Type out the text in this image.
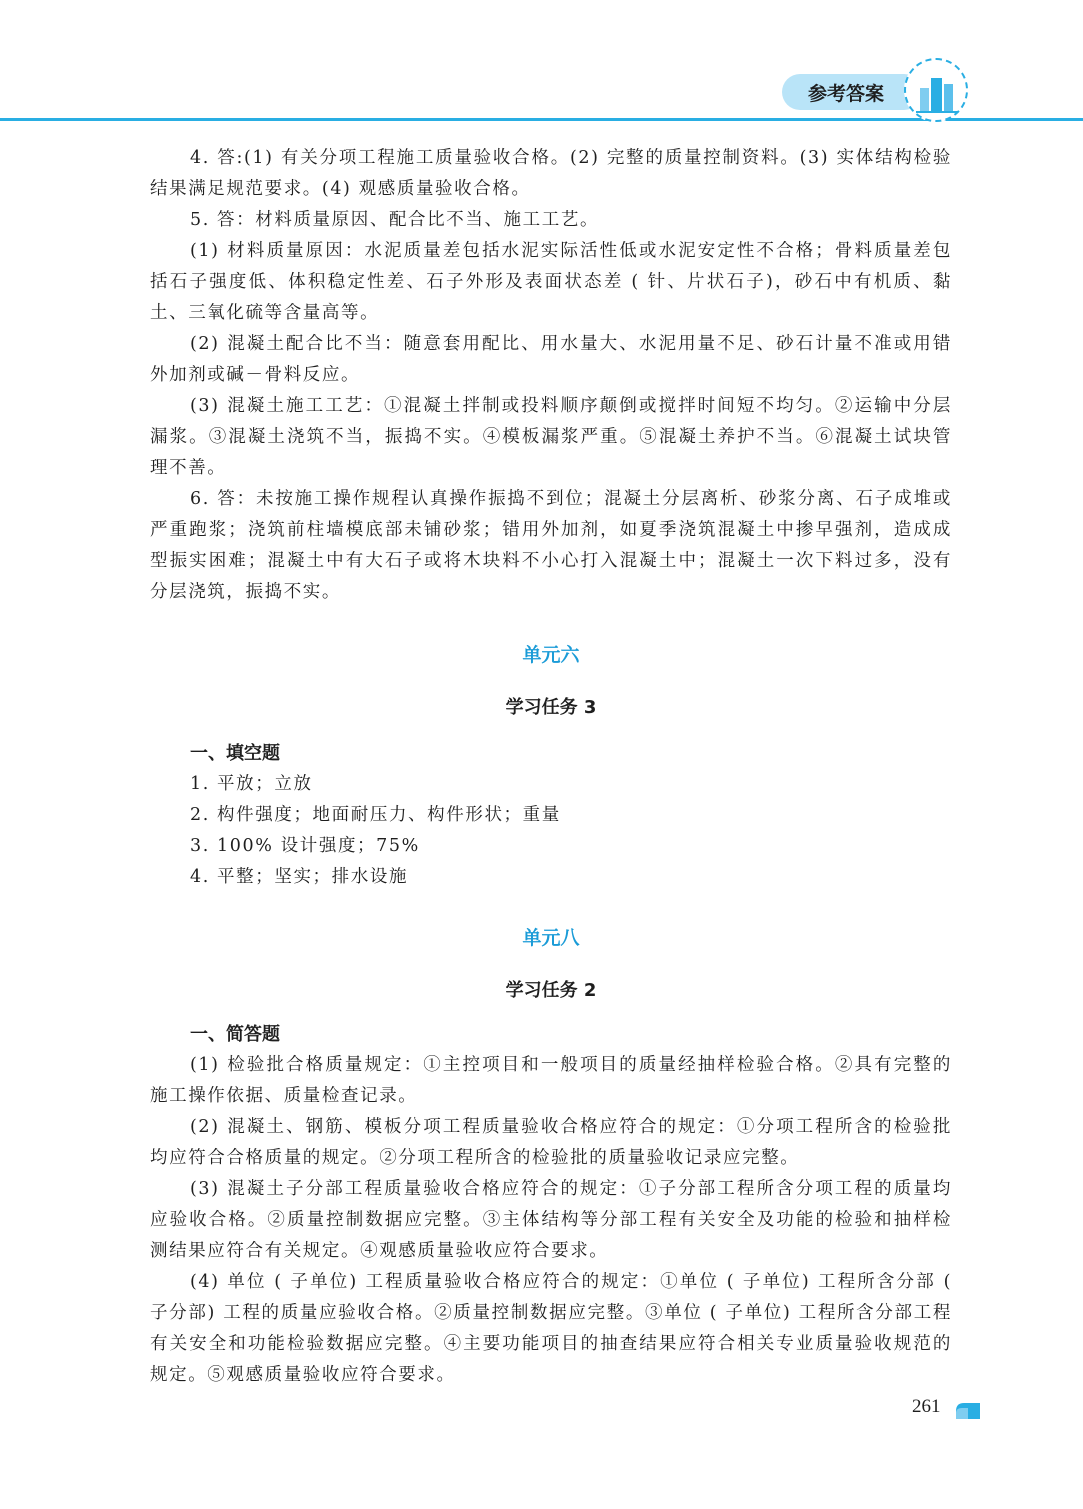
参考答案

4. 答:(1) 有关分项工程施工质量验收合格。(2) 完整的质量控制资料。(3) 实体结构检验结果满足规范要求。(4) 观感质量验收合格。

5. 答：材料质量原因、配合比不当、施工工艺。

(1) 材料质量原因：水泥质量差包括水泥实际活性低或水泥安定性不合格；骨料质量差包括石子强度低、体积稳定性差、石子外形及表面状态差 ( 针、片状石子)，砂石中有机质、黏土、三氧化硫等含量高等。

(2) 混凝土配合比不当：随意套用配比、用水量大、水泥用量不足、砂石计量不准或用错外加剂或碱－骨料反应。

(3) 混凝土施工工艺：①混凝土拌制或投料顺序颠倒或搅拌时间短不均匀。②运输中分层漏浆。③混凝土浇筑不当，振捣不实。④模板漏浆严重。⑤混凝土养护不当。⑥混凝土试块管理不善。

6. 答：未按施工操作规程认真操作振捣不到位；混凝土分层离析、砂浆分离、石子成堆或严重跑浆；浇筑前柱墙模底部未铺砂浆；错用外加剂，如夏季浇筑混凝土中掺早强剂，造成成型振实困难；混凝土中有大石子或将木块料不小心打入混凝土中；混凝土一次下料过多，没有分层浇筑，振捣不实。

单元六
学习任务 3
一、填空题

1. 平放；立放

2. 构件强度；地面耐压力、构件形状；重量

3. 100% 设计强度；75%

4. 平整；坚实；排水设施

单元八
学习任务 2
一、简答题

(1) 检验批合格质量规定：①主控项目和一般项目的质量经抽样检验合格。②具有完整的施工操作依据、质量检查记录。

(2) 混凝土、钢筋、模板分项工程质量验收合格应符合的规定：①分项工程所含的检验批均应符合合格质量的规定。②分项工程所含的检验批的质量验收记录应完整。

(3) 混凝土子分部工程质量验收合格应符合的规定：①子分部工程所含分项工程的质量均应验收合格。②质量控制数据应完整。③主体结构等分部工程有关安全及功能的检验和抽样检测结果应符合有关规定。④观感质量验收应符合要求。

(4) 单位 ( 子单位) 工程质量验收合格应符合的规定：①单位 ( 子单位) 工程所含分部 ( 子分部) 工程的质量应验收合格。②质量控制数据应完整。③单位 ( 子单位) 工程所含分部工程有关安全和功能检验数据应完整。④主要功能项目的抽查结果应符合相关专业质量验收规范的规定。⑤观感质量验收应符合要求。

261
